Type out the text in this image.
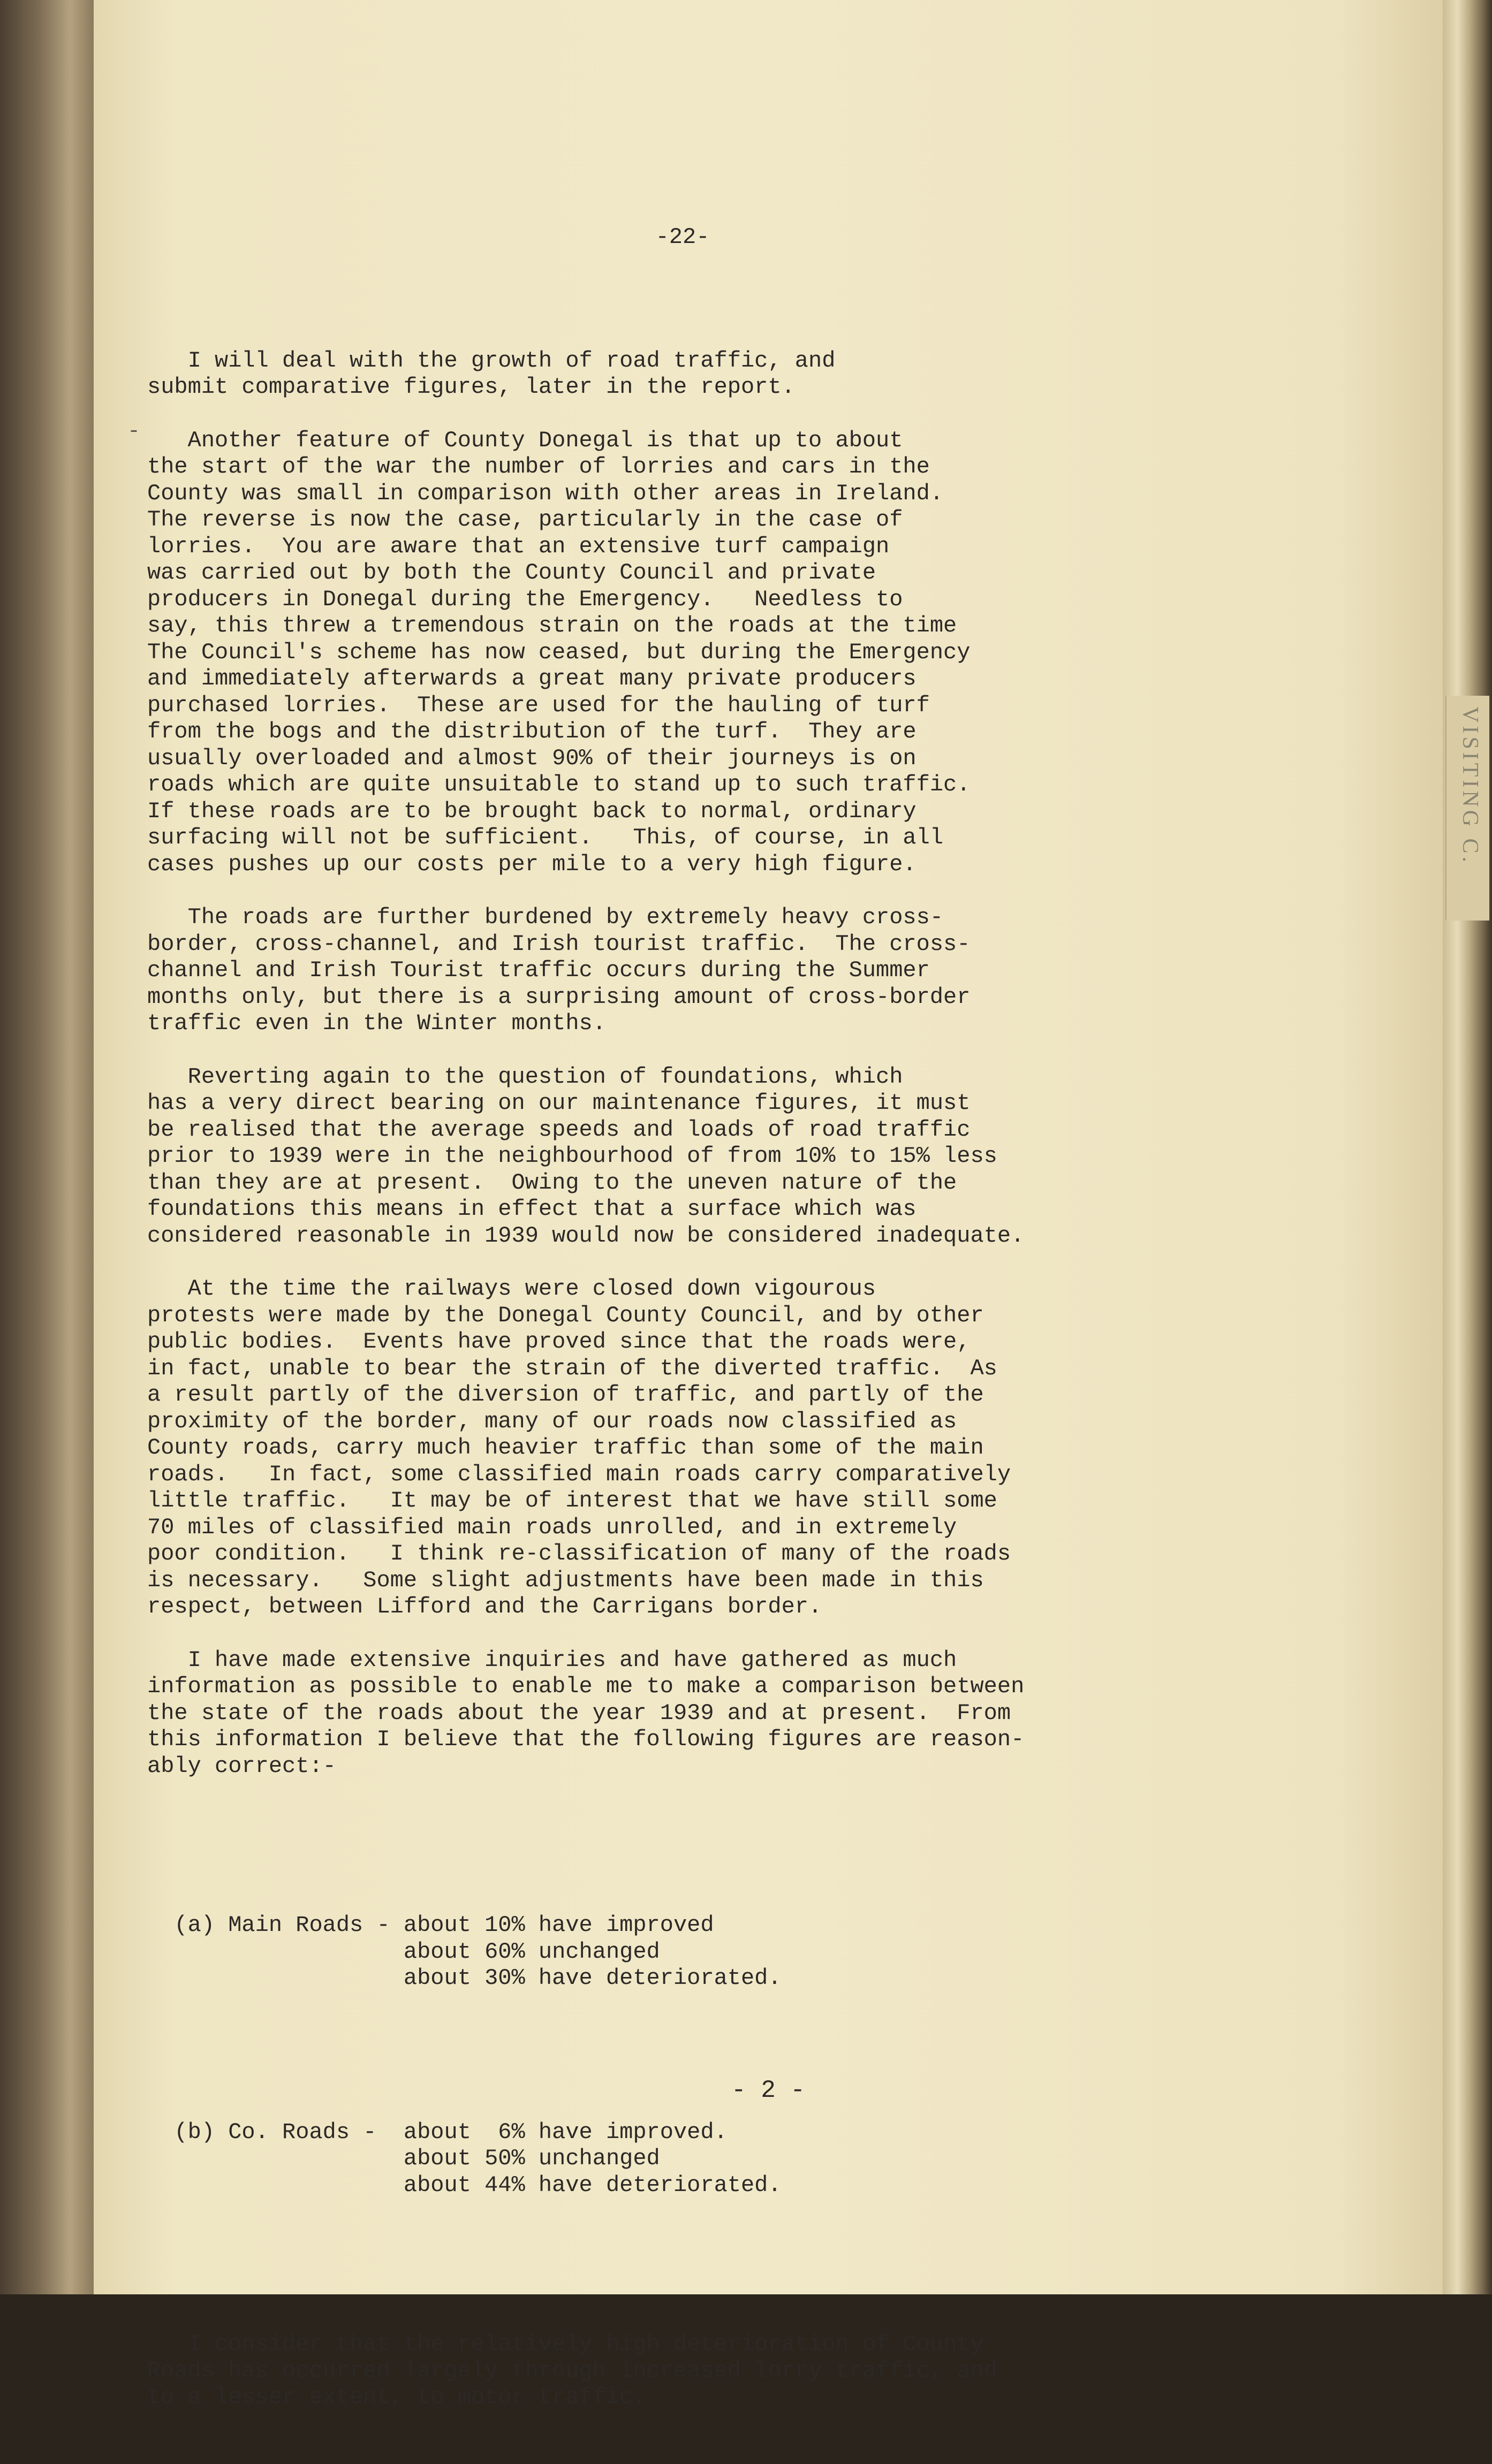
- 2 -
VISITING C.
-

-22-

I will deal with the growth of road traffic, and
submit comparative figures, later in the report.
Another feature of County Donegal is that up to about
the start of the war the number of lorries and cars in the
County was small in comparison with other areas in Ireland.
The reverse is now the case, particularly in the case of
lorries.  You are aware that an extensive turf campaign
was carried out by both the County Council and private
producers in Donegal during the Emergency.   Needless to
say, this threw a tremendous strain on the roads at the time
The Council's scheme has now ceased, but during the Emergency
and immediately afterwards a great many private producers
purchased lorries.  These are used for the hauling of turf
from the bogs and the distribution of the turf.  They are
usually overloaded and almost 90% of their journeys is on
roads which are quite unsuitable to stand up to such traffic.
If these roads are to be brought back to normal, ordinary
surfacing will not be sufficient.   This, of course, in all
cases pushes up our costs per mile to a very high figure.
The roads are further burdened by extremely heavy cross-
border, cross-channel, and Irish tourist traffic.  The cross-
channel and Irish Tourist traffic occurs during the Summer
months only, but there is a surprising amount of cross-border
traffic even in the Winter months.
Reverting again to the question of foundations, which
has a very direct bearing on our maintenance figures, it must
be realised that the average speeds and loads of road traffic
prior to 1939 were in the neighbourhood of from 10% to 15% less
than they are at present.  Owing to the uneven nature of the
foundations this means in effect that a surface which was
considered reasonable in 1939 would now be considered inadequate.
At the time the railways were closed down vigourous
protests were made by the Donegal County Council, and by other
public bodies.  Events have proved since that the roads were,
in fact, unable to bear the strain of the diverted traffic.  As
a result partly of the diversion of traffic, and partly of the
proximity of the border, many of our roads now classified as
County roads, carry much heavier traffic than some of the main
roads.   In fact, some classified main roads carry comparatively
little traffic.   It may be of interest that we have still some
70 miles of classified main roads unrolled, and in extremely
poor condition.   I think re-classification of many of the roads
is necessary.   Some slight adjustments have been made in this
respect, between Lifford and the Carrigans border.
I have made extensive inquiries and have gathered as much
information as possible to enable me to make a comparison between
the state of the roads about the year 1939 and at present.  From
this information I believe that the following figures are reason-
ably correct:-

(a) Main Roads - about 10% have improved
about 60% unchanged
about 30% have deteriorated.

(b) Co. Roads -  about  6% have improved.
about 50% unchanged
about 44% have deteriorated.

I consider that the relatively high deterioration of County
Roads has occurred largely through increased lorry traffic, and
to a lesser extent, to motor traffic.
